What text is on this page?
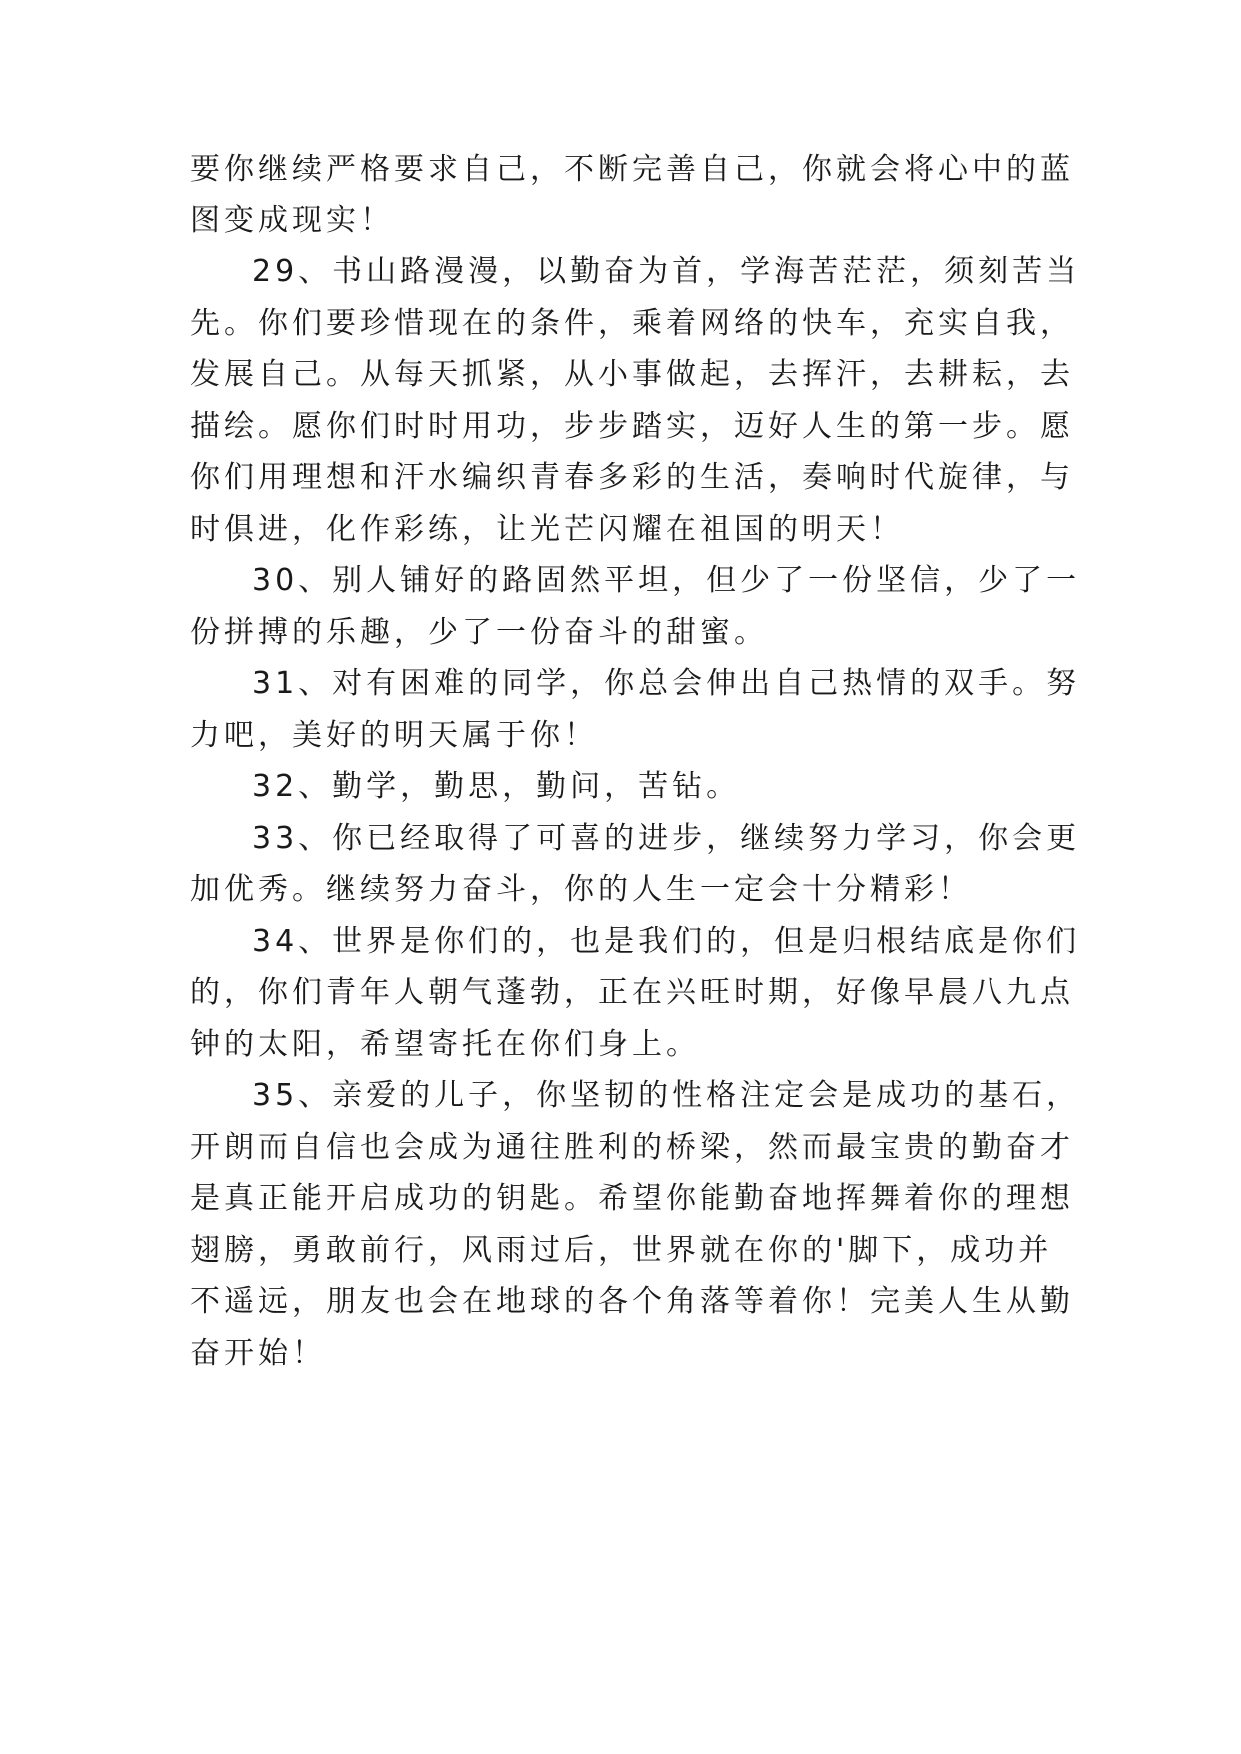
要你继续严格要求自己，不断完善自己，你就会将心中的蓝
图变成现实！
29、书山路漫漫，以勤奋为首，学海苦茫茫，须刻苦当
先。你们要珍惜现在的条件，乘着网络的快车，充实自我，
发展自己。从每天抓紧，从小事做起，去挥汗，去耕耘，去
描绘。愿你们时时用功，步步踏实，迈好人生的第一步。愿
你们用理想和汗水编织青春多彩的生活，奏响时代旋律，与
时俱进，化作彩练，让光芒闪耀在祖国的明天！
30、别人铺好的路固然平坦，但少了一份坚信，少了一
份拼搏的乐趣，少了一份奋斗的甜蜜。
31、对有困难的同学，你总会伸出自己热情的双手。努
力吧，美好的明天属于你！
32、勤学，勤思，勤问，苦钻。
33、你已经取得了可喜的进步，继续努力学习，你会更
加优秀。继续努力奋斗，你的人生一定会十分精彩！
34、世界是你们的，也是我们的，但是归根结底是你们
的，你们青年人朝气蓬勃，正在兴旺时期，好像早晨八九点
钟的太阳，希望寄托在你们身上。
35、亲爱的儿子，你坚韧的性格注定会是成功的基石，
开朗而自信也会成为通往胜利的桥梁，然而最宝贵的勤奋才
是真正能开启成功的钥匙。希望你能勤奋地挥舞着你的理想
翅膀，勇敢前行，风雨过后，世界就在你的'脚下，成功并
不遥远，朋友也会在地球的各个角落等着你！完美人生从勤
奋开始！
